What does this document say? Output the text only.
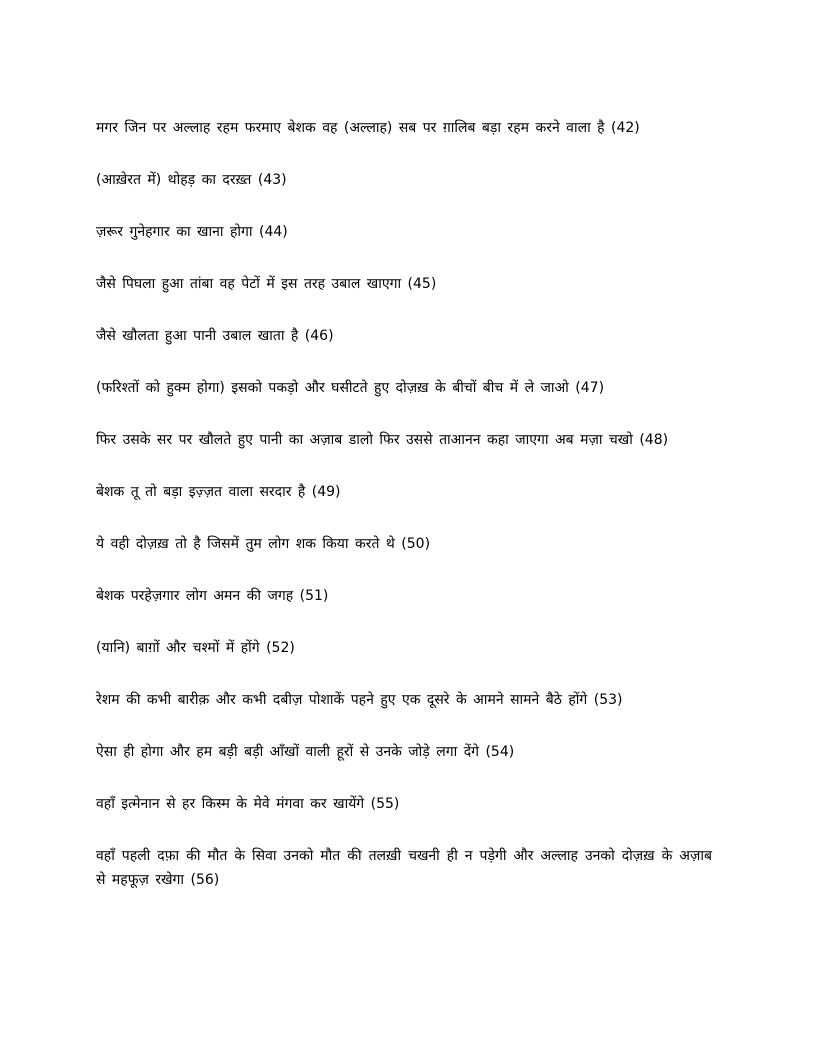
मगर जिन पर अल्लाह रहम फरमाए बेशक वह (अल्लाह) सब पर ग़ालिब बड़ा रहम करने वाला है (42)

(आख़ेरत में) थोहड़ का दरख़्त (43)

ज़रूर गुनेहगार का खाना होगा (44)

जैसे पिघला हुआ तांबा वह पेटों में इस तरह उबाल खाएगा (45)

जैसे खौलता हुआ पानी उबाल खाता है (46)

(फरिश्तों को हुक्म होगा) इसको पकड़ो और घसीटते हुए दोज़ख़ के बीचों बीच में ले जाओ (47)

फिर उसके सर पर खौलते हुए पानी का अज़ाब डालो फिर उससे ताआनन कहा जाएगा अब मज़ा चखो (48)

बेशक तू तो बड़ा इज़्ज़त वाला सरदार है (49)

ये वही दोज़ख़ तो है जिसमें तुम लोग शक किया करते थे (50)

बेशक परहेज़गार लोग अमन की जगह (51)

(यानि) बाग़ों और चश्मों में होंगे (52)

रेशम की कभी बारीक़ और कभी दबीज़ पोशाकें पहने हुए एक दूसरे के आमने सामने बैठे होंगे (53)

ऐसा ही होगा और हम बड़ी बड़ी आँखों वाली हूरों से उनके जोड़े लगा देंगे (54)

वहाँ इत्मेनान से हर किस्म के मेवे मंगवा कर खायेंगे (55)

वहाँ पहली दफ़ा की मौत के सिवा उनको मौत की तलख़ी चखनी ही न पड़ेगी और अल्लाह उनको दोज़ख़ के अज़ाब से महफूज़ रखेगा (56)
